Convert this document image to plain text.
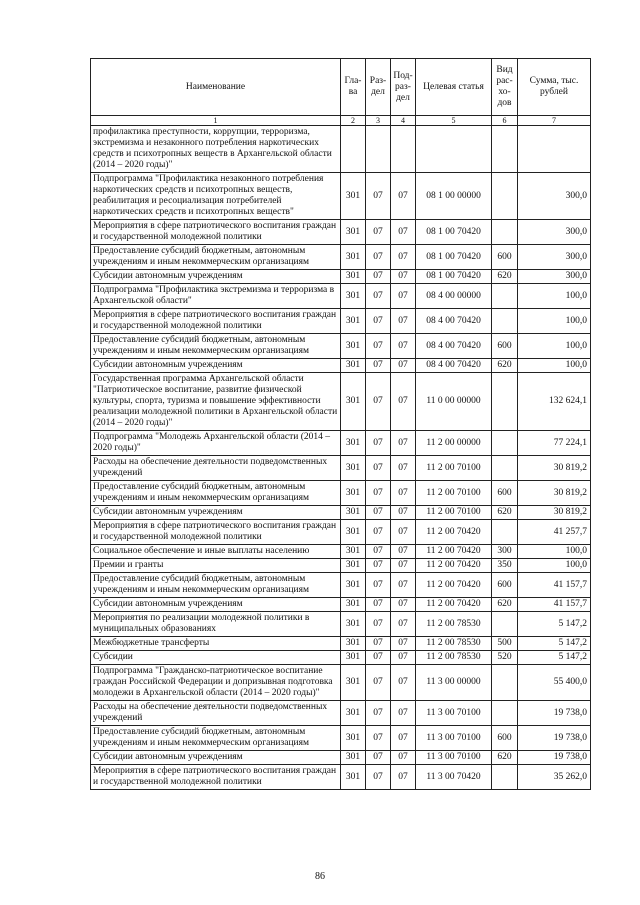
Наименование	Гла-ва	Раз-дел	Под-раз-дел	Целевая статья	Вид рас-хо-дов	Сумма, тыс. рублей
1	2	3	4	5	6	7
профилактика преступности, коррупции, терроризма, экстремизма и незаконного потребления наркотических средств и психотропных веществ в Архангельской области (2014 – 2020 годы)"						
Подпрограмма "Профилактика незаконного потребления наркотических средств и психотропных веществ, реабилитация и ресоциализация потребителей наркотических средств и психотропных веществ"	301	07	07	08 1 00 00000		300,0
Мероприятия в сфере патриотического воспитания граждан и государственной молодежной политики	301	07	07	08 1 00 70420		300,0
Предоставление субсидий бюджетным, автономным учреждениям и иным некоммерческим организациям	301	07	07	08 1 00 70420	600	300,0
Субсидии автономным учреждениям	301	07	07	08 1 00 70420	620	300,0
Подпрограмма "Профилактика экстремизма и терроризма в Архангельской области"	301	07	07	08 4 00 00000		100,0
Мероприятия в сфере патриотического воспитания граждан и государственной молодежной политики	301	07	07	08 4 00 70420		100,0
Предоставление субсидий бюджетным, автономным учреждениям и иным некоммерческим организациям	301	07	07	08 4 00 70420	600	100,0
Субсидии автономным учреждениям	301	07	07	08 4 00 70420	620	100,0
Государственная программа Архангельской области "Патриотическое воспитание, развитие физической культуры, спорта, туризма и повышение эффективности реализации молодежной политики в Архангельской области (2014 – 2020 годы)"	301	07	07	11 0 00 00000		132 624,1
Подпрограмма "Молодежь Архангельской области (2014 – 2020 годы)"	301	07	07	11 2 00 00000		77 224,1
Расходы на обеспечение деятельности подведомственных учреждений	301	07	07	11 2 00 70100		30 819,2
Предоставление субсидий бюджетным, автономным учреждениям и иным некоммерческим организациям	301	07	07	11 2 00 70100	600	30 819,2
Субсидии автономным учреждениям	301	07	07	11 2 00 70100	620	30 819,2
Мероприятия в сфере патриотического воспитания граждан и государственной молодежной политики	301	07	07	11 2 00 70420		41 257,7
Социальное обеспечение и иные выплаты населению	301	07	07	11 2 00 70420	300	100,0
Премии и гранты	301	07	07	11 2 00 70420	350	100,0
Предоставление субсидий бюджетным, автономным учреждениям и иным некоммерческим организациям	301	07	07	11 2 00 70420	600	41 157,7
Субсидии автономным учреждениям	301	07	07	11 2 00 70420	620	41 157,7
Мероприятия по реализации молодежной политики в муниципальных образованиях	301	07	07	11 2 00 78530		5 147,2
Межбюджетные трансферты	301	07	07	11 2 00 78530	500	5 147,2
Субсидии	301	07	07	11 2 00 78530	520	5 147,2
Подпрограмма "Гражданско-патриотическое воспитание граждан Российской Федерации и допризывная подготовка молодежи в Архангельской области (2014 – 2020 годы)"	301	07	07	11 3 00 00000		55 400,0
Расходы на обеспечение деятельности подведомственных учреждений	301	07	07	11 3 00 70100		19 738,0
Предоставление субсидий бюджетным, автономным учреждениям и иным некоммерческим организациям	301	07	07	11 3 00 70100	600	19 738,0
Субсидии автономным учреждениям	301	07	07	11 3 00 70100	620	19 738,0
Мероприятия в сфере патриотического воспитания граждан и государственной молодежной политики	301	07	07	11 3 00 70420		35 262,0
86
